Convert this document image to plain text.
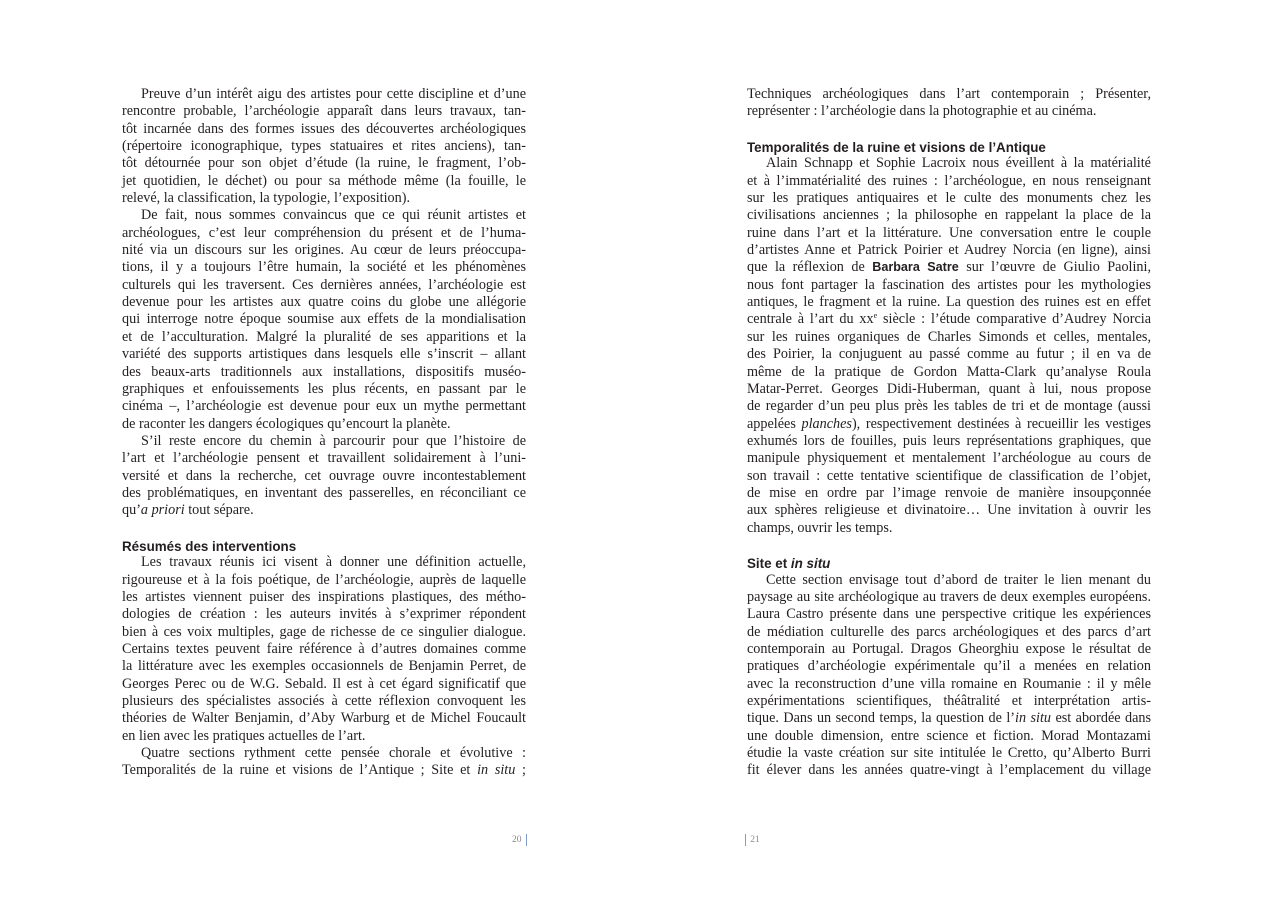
Preuve d’un intérêt aigu des artistes pour cette discipline et d’une
rencontre probable, l’archéologie apparaît dans leurs travaux, tan-
tôt incarnée dans des formes issues des découvertes archéologiques
(répertoire iconographique, types statuaires et rites anciens), tan-
tôt détournée pour son objet d’étude (la ruine, le fragment, l’ob-
jet quotidien, le déchet) ou pour sa méthode même (la fouille, le
relevé, la classification, la typologie, l’exposition).
De fait, nous sommes convaincus que ce qui réunit artistes et
archéologues, c’est leur compréhension du présent et de l’huma-
nité via un discours sur les origines. Au cœur de leurs préoccupa-
tions, il y a toujours l’être humain, la société et les phénomènes
culturels qui les traversent. Ces dernières années, l’archéologie est
devenue pour les artistes aux quatre coins du globe une allégorie
qui interroge notre époque soumise aux effets de la mondialisation
et de l’acculturation. Malgré la pluralité de ses apparitions et la
variété des supports artistiques dans lesquels elle s’inscrit – allant
des beaux-arts traditionnels aux installations, dispositifs muséo-
graphiques et enfouissements les plus récents, en passant par le
cinéma –, l’archéologie est devenue pour eux un mythe permettant
de raconter les dangers écologiques qu’encourt la planète.
S’il reste encore du chemin à parcourir pour que l’histoire de
l’art et l’archéologie pensent et travaillent solidairement à l’uni-
versité et dans la recherche, cet ouvrage ouvre incontestablement
des problématiques, en inventant des passerelles, en réconciliant ce
qu’a priori tout sépare.
Résumés des interventions
Les travaux réunis ici visent à donner une définition actuelle,
rigoureuse et à la fois poétique, de l’archéologie, auprès de laquelle
les artistes viennent puiser des inspirations plastiques, des métho-
dologies de création : les auteurs invités à s’exprimer répondent
bien à ces voix multiples, gage de richesse de ce singulier dialogue.
Certains textes peuvent faire référence à d’autres domaines comme
la littérature avec les exemples occasionnels de Benjamin Perret, de
Georges Perec ou de W.G. Sebald. Il est à cet égard significatif que
plusieurs des spécialistes associés à cette réflexion convoquent les
théories de Walter Benjamin, d’Aby Warburg et de Michel Foucault
en lien avec les pratiques actuelles de l’art.
Quatre sections rythment cette pensée chorale et évolutive :
Temporalités de la ruine et visions de l’Antique ; Site et in situ ;
Techniques archéologiques dans l’art contemporain ; Présenter,
représenter : l’archéologie dans la photographie et au cinéma.
Temporalités de la ruine et visions de l’Antique
Alain Schnapp et Sophie Lacroix nous éveillent à la matérialité
et à l’immatérialité des ruines : l’archéologue, en nous renseignant
sur les pratiques antiquaires et le culte des monuments chez les
civilisations anciennes ; la philosophe en rappelant la place de la
ruine dans l’art et la littérature. Une conversation entre le couple
d’artistes Anne et Patrick Poirier et Audrey Norcia (en ligne), ainsi
que la réflexion de Barbara Satre sur l’œuvre de Giulio Paolini,
nous font partager la fascination des artistes pour les mythologies
antiques, le fragment et la ruine. La question des ruines est en effet
centrale à l’art du $xx^e$ siècle : l’étude comparative d’Audrey Norcia
sur les ruines organiques de Charles Simonds et celles, mentales,
des Poirier, la conjuguent au passé comme au futur ; il en va de
même de la pratique de Gordon Matta-Clark qu’analyse Roula
Matar-Perret. Georges Didi-Huberman, quant à lui, nous propose
de regarder d’un peu plus près les tables de tri et de montage (aussi
appelées planches), respectivement destinées à recueillir les vestiges
exhumés lors de fouilles, puis leurs représentations graphiques, que
manipule physiquement et mentalement l’archéologue au cours de
son travail : cette tentative scientifique de classification de l’objet,
de mise en ordre par l’image renvoie de manière insoupçonnée
aux sphères religieuse et divinatoire… Une invitation à ouvrir les
champs, ouvrir les temps.
Site et in situ
Cette section envisage tout d’abord de traiter le lien menant du
paysage au site archéologique au travers de deux exemples européens.
Laura Castro présente dans une perspective critique les expériences
de médiation culturelle des parcs archéologiques et des parcs d’art
contemporain au Portugal. Dragos Gheorghiu expose le résultat de
pratiques d’archéologie expérimentale qu’il a menées en relation
avec la reconstruction d’une villa romaine en Roumanie : il y mêle
expérimentations scientifiques, théâtralité et interprétation artis-
tique. Dans un second temps, la question de l’in situ est abordée dans
une double dimension, entre science et fiction. Morad Montazami
étudie la vaste création sur site intitulée le Cretto, qu’Alberto Burri
fit élever dans les années quatre-vingt à l’emplacement du village
20	21
